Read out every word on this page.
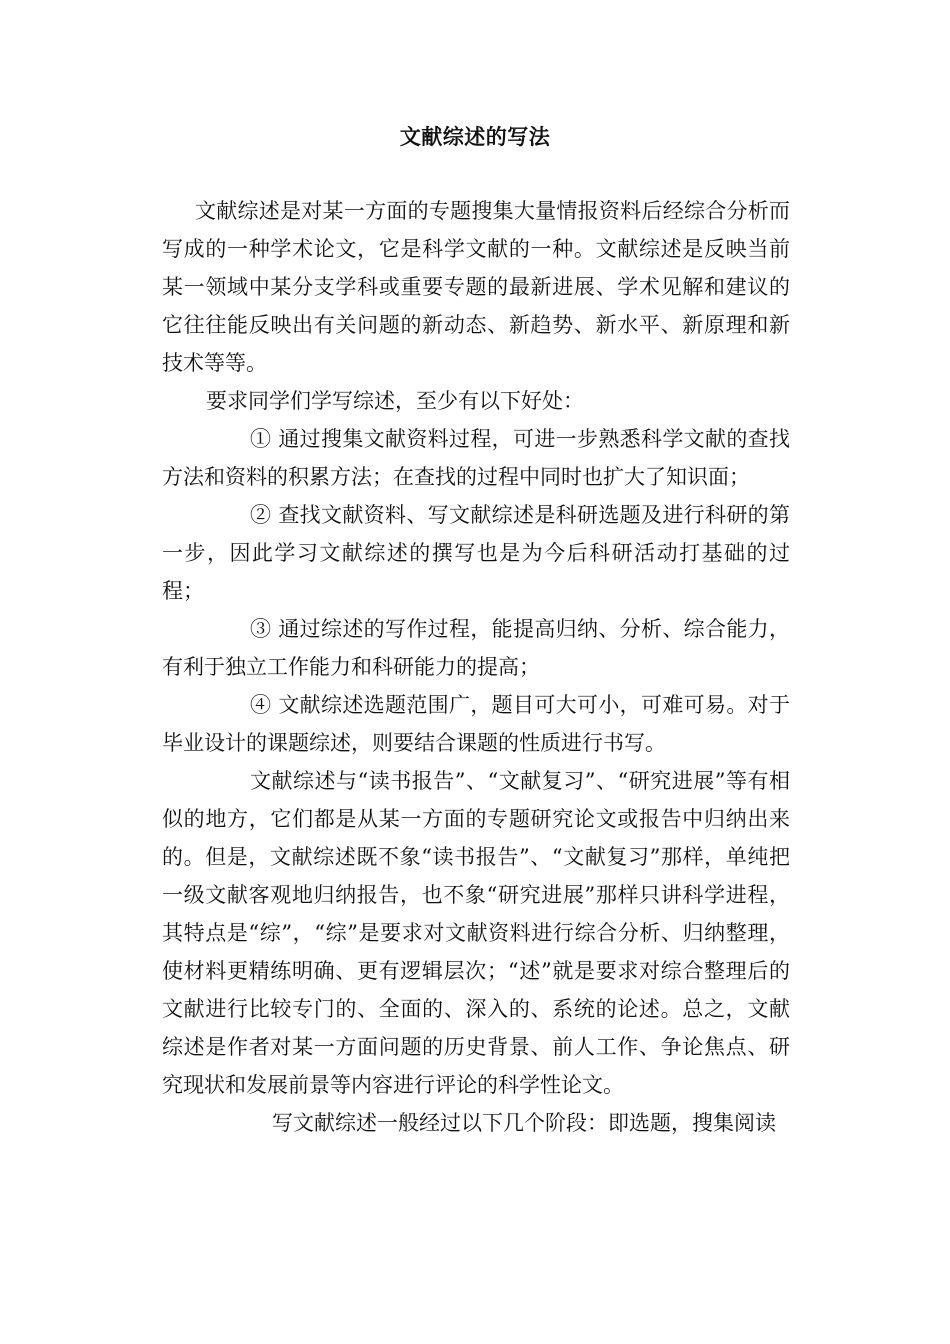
文献综述的写法

文献综述是对某一方面的专题搜集大量情报资料后经综合分析而写成的一种学术论文，它是科学文献的一种。文献综述是反映当前某一领域中某分支学科或重要专题的最新进展、学术见解和建议的它往往能反映出有关问题的新动态、新趋势、新水平、新原理和新技术等等。

要求同学们学写综述，至少有以下好处：

① 通过搜集文献资料过程，可进一步熟悉科学文献的查找方法和资料的积累方法；在查找的过程中同时也扩大了知识面；

② 查找文献资料、写文献综述是科研选题及进行科研的第一步，因此学习文献综述的撰写也是为今后科研活动打基础的过程；

③ 通过综述的写作过程，能提高归纳、分析、综合能力，有利于独立工作能力和科研能力的提高；

④ 文献综述选题范围广，题目可大可小，可难可易。对于毕业设计的课题综述，则要结合课题的性质进行书写。

文献综述与“读书报告”、“文献复习”、“研究进展”等有相似的地方，它们都是从某一方面的专题研究论文或报告中归纳出来的。但是，文献综述既不象“读书报告”、“文献复习”那样，单纯把一级文献客观地归纳报告，也不象“研究进展”那样只讲科学进程，其特点是“综”，“综”是要求对文献资料进行综合分析、归纳整理，使材料更精练明确、更有逻辑层次；“述”就是要求对综合整理后的文献进行比较专门的、全面的、深入的、系统的论述。总之，文献综述是作者对某一方面问题的历史背景、前人工作、争论焦点、研究现状和发展前景等内容进行评论的科学性论文。

写文献综述一般经过以下几个阶段：即选题，搜集阅读
